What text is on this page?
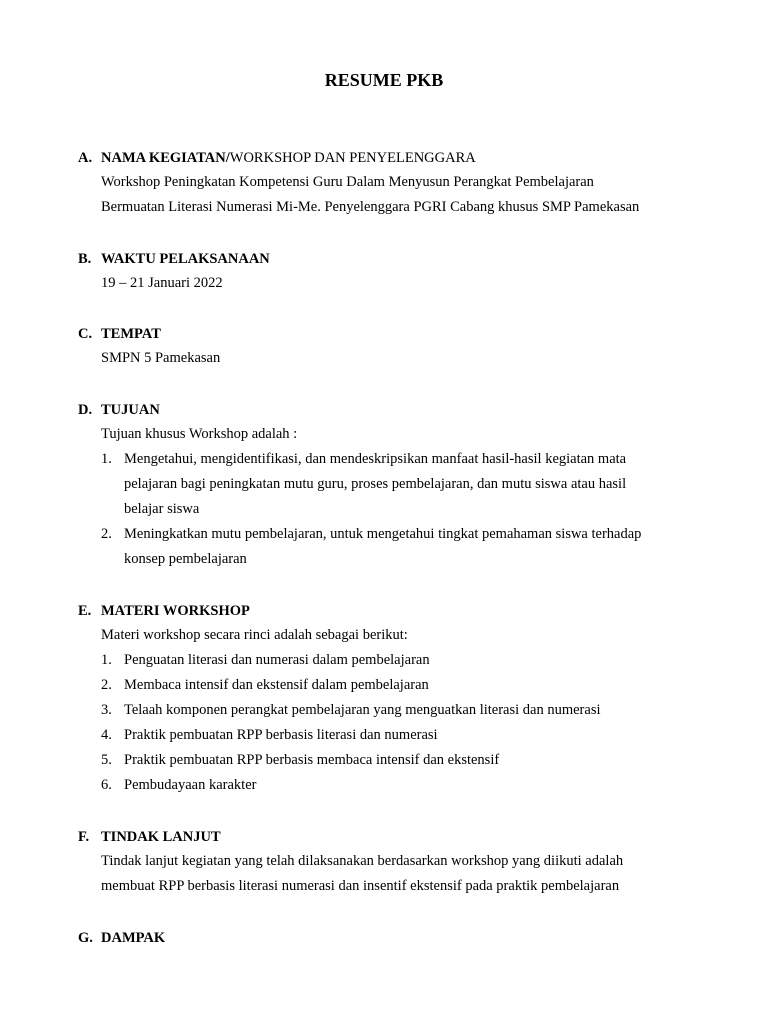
RESUME PKB
A. NAMA KEGIATAN/WORKSHOP DAN PENYELENGGARA
Workshop Peningkatan Kompetensi Guru Dalam Menyusun Perangkat Pembelajaran
Bermuatan Literasi Numerasi Mi-Me. Penyelenggara PGRI Cabang khusus SMP Pamekasan
B. WAKTU PELAKSANAAN
19 – 21 Januari 2022
C. TEMPAT
SMPN 5 Pamekasan
D. TUJUAN
Tujuan khusus Workshop adalah :
1. Mengetahui, mengidentifikasi, dan mendeskripsikan manfaat hasil-hasil kegiatan mata
pelajaran bagi peningkatan mutu guru, proses pembelajaran, dan mutu siswa atau hasil
belajar siswa
2. Meningkatkan mutu pembelajaran, untuk mengetahui tingkat pemahaman siswa terhadap
konsep pembelajaran
E. MATERI WORKSHOP
Materi workshop secara rinci adalah sebagai berikut:
1. Penguatan literasi dan numerasi dalam pembelajaran
2. Membaca intensif dan ekstensif dalam pembelajaran
3. Telaah komponen perangkat pembelajaran yang menguatkan literasi dan numerasi
4. Praktik pembuatan RPP berbasis literasi dan numerasi
5. Praktik pembuatan RPP berbasis membaca intensif dan ekstensif
6. Pembudayaan karakter
F. TINDAK LANJUT
Tindak lanjut kegiatan yang telah dilaksanakan berdasarkan workshop yang diikuti adalah
membuat RPP berbasis literasi numerasi dan insentif ekstensif pada praktik pembelajaran
G. DAMPAK
